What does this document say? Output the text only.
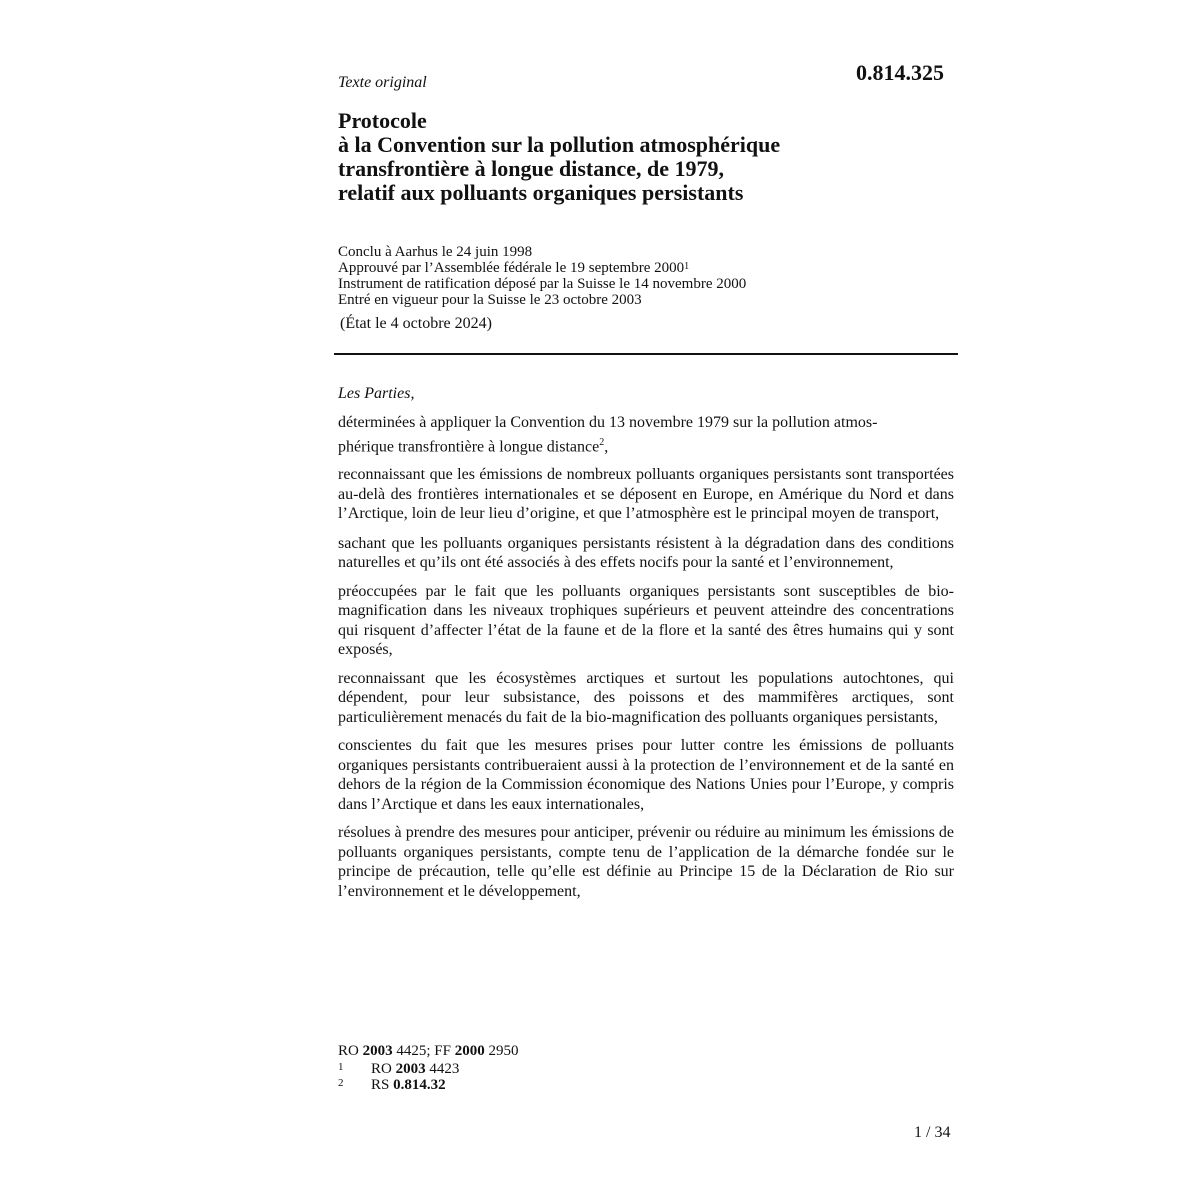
0.814.325
Texte original
Protocole
à la Convention sur la pollution atmosphérique
transfrontière à longue distance, de 1979,
relatif aux polluants organiques persistants
Conclu à Aarhus le 24 juin 1998
Approuvé par l’Assemblée fédérale le 19 septembre 2000$^1$
Instrument de ratification déposé par la Suisse le 14 novembre 2000
Entré en vigueur pour la Suisse le 23 octobre 2003
(État le 4 octobre 2024)
Les Parties,
déterminées à appliquer la Convention du 13 novembre 1979 sur la pollution atmos-
phérique transfrontière à longue distance$^2$,
reconnaissant que les émissions de nombreux polluants organiques persistants sont transportées au-delà des frontières internationales et se déposent en Europe, en Amérique du Nord et dans l’Arctique, loin de leur lieu d’origine, et que l’atmosphère est le principal moyen de transport,
sachant que les polluants organiques persistants résistent à la dégradation dans des conditions naturelles et qu’ils ont été associés à des effets nocifs pour la santé et l’environnement,
préoccupées par le fait que les polluants organiques persistants sont susceptibles de bio-magnification dans les niveaux trophiques supérieurs et peuvent atteindre des concentrations qui risquent d’affecter l’état de la faune et de la flore et la santé des êtres humains qui y sont exposés,
reconnaissant que les écosystèmes arctiques et surtout les populations autochtones, qui dépendent, pour leur subsistance, des poissons et des mammifères arctiques, sont particulièrement menacés du fait de la bio-magnification des polluants organiques persistants,
conscientes du fait que les mesures prises pour lutter contre les émissions de polluants organiques persistants contribueraient aussi à la protection de l’environnement et de la santé en dehors de la région de la Commission économique des Nations Unies pour l’Europe, y compris dans l’Arctique et dans les eaux internationales,
résolues à prendre des mesures pour anticiper, prévenir ou réduire au minimum les émissions de polluants organiques persistants, compte tenu de l’application de la démarche fondée sur le principe de précaution, telle qu’elle est définie au Principe 15 de la Déclaration de Rio sur l’environnement et le développement,
RO 2003 4425; FF 2000 2950
1	RO 2003 4423
2	RS 0.814.32
1 / 34
